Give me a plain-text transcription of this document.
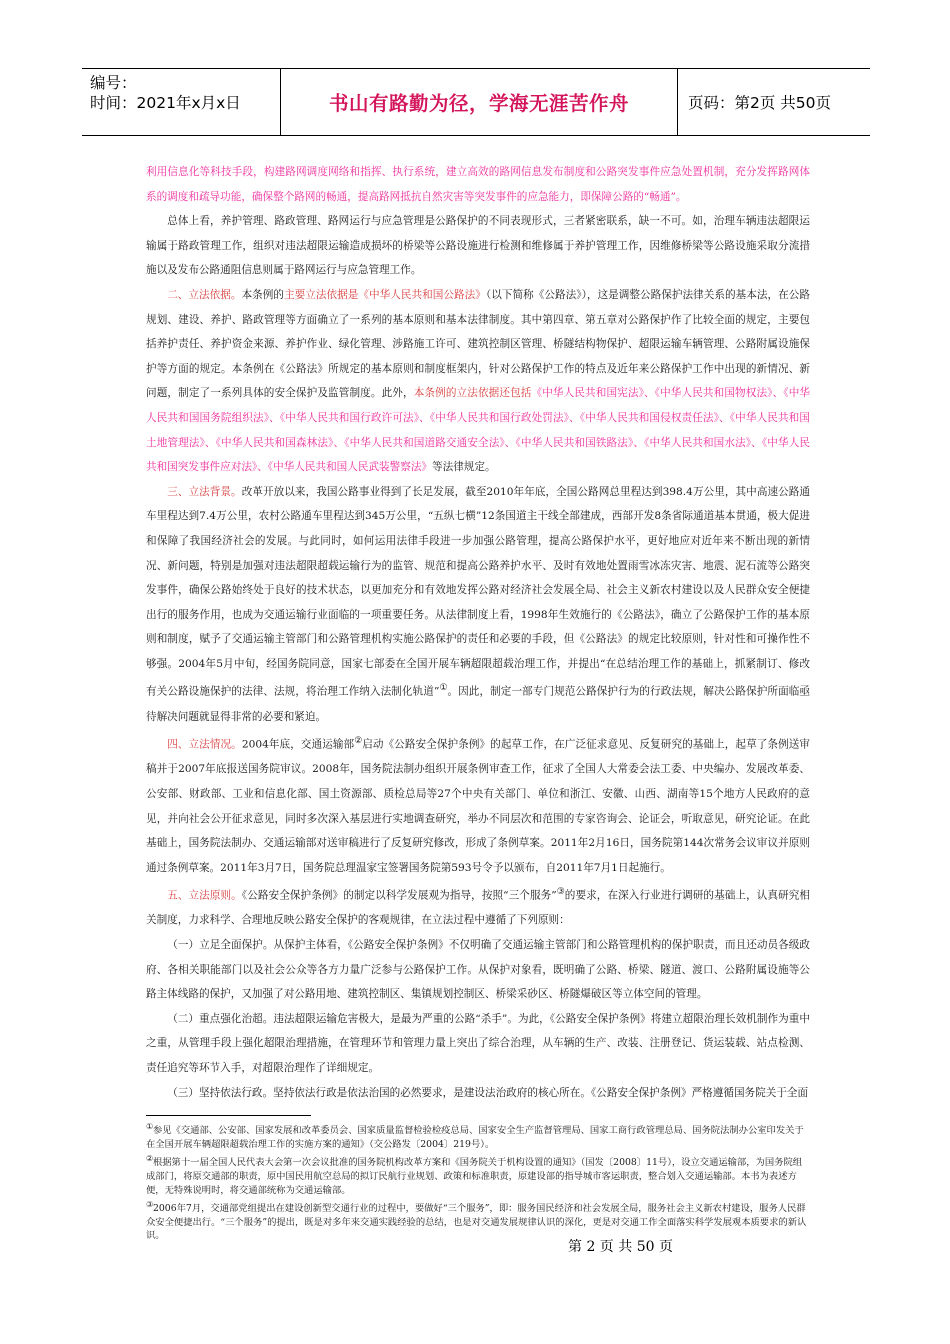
编号：
时间：2021年x月x日	书山有路勤为径，学海无涯苦作舟	页码：第2页 共50页

利用信息化等科技手段，构建路网调度网络和指挥、执行系统，建立高效的路网信息发布制度和公路突发事件应急处置机制，充分发挥路网体系的调度和疏导功能，确保整个路网的畅通，提高路网抵抗自然灾害等突发事件的应急能力，即保障公路的“畅通”。

总体上看，养护管理、路政管理、路网运行与应急管理是公路保护的不同表现形式，三者紧密联系，缺一不可。如，治理车辆违法超限运输属于路政管理工作，组织对违法超限运输造成损坏的桥梁等公路设施进行检测和维修属于养护管理工作，因维修桥梁等公路设施采取分流措施以及发布公路通阻信息则属于路网运行与应急管理工作。

二、立法依据。本条例的主要立法依据是《中华人民共和国公路法》（以下简称《公路法》），这是调整公路保护法律关系的基本法，在公路规划、建设、养护、路政管理等方面确立了一系列的基本原则和基本法律制度。其中第四章、第五章对公路保护作了比较全面的规定，主要包括养护责任、养护资金来源、养护作业、绿化管理、涉路施工许可、建筑控制区管理、桥隧结构物保护、超限运输车辆管理、公路附属设施保护等方面的规定。本条例在《公路法》所规定的基本原则和制度框架内，针对公路保护工作的特点及近年来公路保护工作中出现的新情况、新问题，制定了一系列具体的安全保护及监管制度。此外，本条例的立法依据还包括《中华人民共和国宪法》、《中华人民共和国物权法》、《中华人民共和国国务院组织法》、《中华人民共和国行政许可法》、《中华人民共和国行政处罚法》、《中华人民共和国侵权责任法》、《中华人民共和国土地管理法》、《中华人民共和国森林法》、《中华人民共和国道路交通安全法》、《中华人民共和国铁路法》、《中华人民共和国水法》、《中华人民共和国突发事件应对法》、《中华人民共和国人民武装警察法》等法律规定。

三、立法背景。改革开放以来，我国公路事业得到了长足发展，截至2010年年底，全国公路网总里程达到398.4万公里，其中高速公路通车里程达到7.4万公里，农村公路通车里程达到345万公里，“五纵七横”12条国道主干线全部建成，西部开发8条省际通道基本贯通，极大促进和保障了我国经济社会的发展。与此同时，如何运用法律手段进一步加强公路管理，提高公路保护水平，更好地应对近年来不断出现的新情况、新问题，特别是加强对违法超限超载运输行为的监管、规范和提高公路养护水平、及时有效地处置雨雪冰冻灾害、地震、泥石流等公路突发事件，确保公路始终处于良好的技术状态，以更加充分和有效地发挥公路对经济社会发展全局、社会主义新农村建设以及人民群众安全便捷出行的服务作用，也成为交通运输行业面临的一项重要任务。从法律制度上看，1998年生效施行的《公路法》，确立了公路保护工作的基本原则和制度，赋予了交通运输主管部门和公路管理机构实施公路保护的责任和必要的手段，但《公路法》的规定比较原则，针对性和可操作性不够强。2004年5月中旬，经国务院同意，国家七部委在全国开展车辆超限超载治理工作，并提出“在总结治理工作的基础上，抓紧制订、修改有关公路设施保护的法律、法规，将治理工作纳入法制化轨道”①。因此，制定一部专门规范公路保护行为的行政法规，解决公路保护所面临亟待解决问题就显得非常的必要和紧迫。

四、立法情况。2004年底，交通运输部②启动《公路安全保护条例》的起草工作，在广泛征求意见、反复研究的基础上，起草了条例送审稿并于2007年底报送国务院审议。2008年，国务院法制办组织开展条例审查工作，征求了全国人大常委会法工委、中央编办、发展改革委、公安部、财政部、工业和信息化部、国土资源部、质检总局等27个中央有关部门、单位和浙江、安徽、山西、湖南等15个地方人民政府的意见，并向社会公开征求意见，同时多次深入基层进行实地调查研究，举办不同层次和范围的专家咨询会、论证会，听取意见，研究论证。在此基础上，国务院法制办、交通运输部对送审稿进行了反复研究修改，形成了条例草案。2011年2月16日，国务院第144次常务会议审议并原则通过条例草案。2011年3月7日，国务院总理温家宝签署国务院第593号令予以颁布，自2011年7月1日起施行。

五、立法原则。《公路安全保护条例》的制定以科学发展观为指导，按照“三个服务”③的要求，在深入行业进行调研的基础上，认真研究相关制度，力求科学、合理地反映公路安全保护的客观规律，在立法过程中遵循了下列原则：

（一）立足全面保护。从保护主体看，《公路安全保护条例》不仅明确了交通运输主管部门和公路管理机构的保护职责，而且还动员各级政府、各相关职能部门以及社会公众等各方力量广泛参与公路保护工作。从保护对象看，既明确了公路、桥梁、隧道、渡口、公路附属设施等公路主体线路的保护，又加强了对公路用地、建筑控制区、集镇规划控制区、桥梁采砂区、桥隧爆破区等立体空间的管理。

（二）重点强化治超。违法超限运输危害极大，是最为严重的公路“杀手”。为此，《公路安全保护条例》将建立超限治理长效机制作为重中之重，从管理手段上强化超限治理措施，在管理环节和管理力量上突出了综合治理，从车辆的生产、改装、注册登记、货运装载、站点检测、责任追究等环节入手，对超限治理作了详细规定。

（三）坚持依法行政。坚持依法行政是依法治国的必然要求，是建设法治政府的核心所在。《公路安全保护条例》严格遵循国务院关于全面

①参见《交通部、公安部、国家发展和改革委员会、国家质量监督检验检疫总局、国家安全生产监督管理局、国家工商行政管理总局、国务院法制办公室印发关于在全国开展车辆超限超载治理工作的实施方案的通知》（交公路发〔2004〕219号）。

②根据第十一届全国人民代表大会第一次会议批准的国务院机构改革方案和《国务院关于机构设置的通知》（国发〔2008〕11号），设立交通运输部，为国务院组成部门，将原交通部的职责，原中国民用航空总局的拟订民航行业规划、政策和标准职责，原建设部的指导城市客运职责，整合划入交通运输部。本书为表述方便，无特殊说明时，将交通部统称为交通运输部。

③2006年7月，交通部党组提出在建设创新型交通行业的过程中，要做好“三个服务”，即：服务国民经济和社会发展全局，服务社会主义新农村建设，服务人民群众安全便捷出行。“三个服务”的提出，既是对多年来交通实践经验的总结，也是对交通发展规律认识的深化，更是对交通工作全面落实科学发展观本质要求的新认识。

第 2 页 共 50 页
